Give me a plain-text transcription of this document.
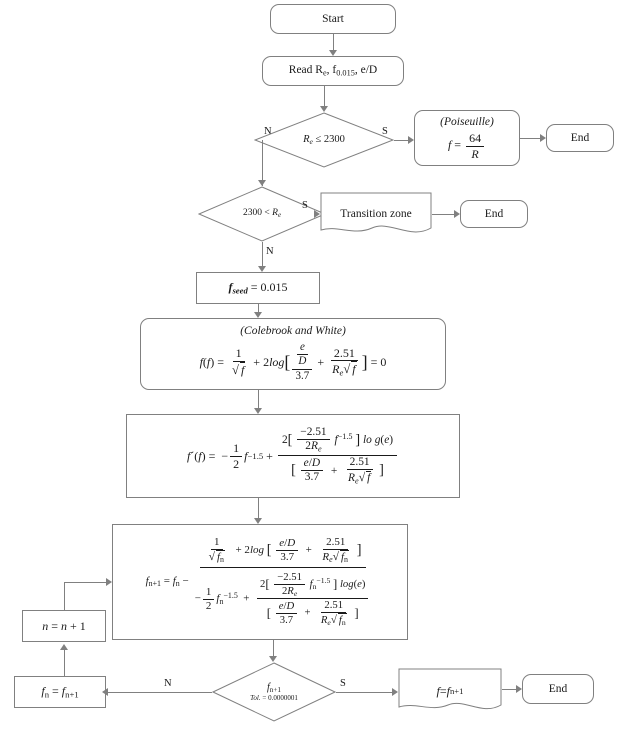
Start
Read $R_e$, $f_{0.015}$, e/D
$R_e \le 2300$
(Poiseuille)
$f = \frac{64}{R}$	End
$2300 < R_e$	Transition zone	End
$f_{seed} = 0.015$
(Colebrook and White)
f ( f ) = $\frac{1}{√ f} + 2$ log [ $\frac{\frac{e}{D}}{3.7} + \frac{2.51}{R_e√ f}$ ] = 0
f ´( f ) =  − $\frac{1}{2}$ f −1.5 +
$2[ \frac{-2.51}{2R_e} f^{-1.5}$ ] lo g(e)
[ $\frac{e/D}{3.7} + \frac{2.51}{R_e√ f}$ ]
$f_{n+1} = f_n$ −
$\frac{1}{√ f_n} + 2\log$ [ $\frac{e/D}{3.7} + \frac{2.51}{R_e√ f_n}$ ]
− $\frac{1}{2} f_n^{-1.5}$  +
$2[ \frac{-2.51}{2R_e} f_n^{-1.5}$ ] log(e)
[ $\frac{e/D}{3.7} + \frac{2.51}{R_e√ f_n}$ ]
n = n + 1
$f_n = f_{n+1}$
$f_{n+1}$
Tol. = 0.0000001
f = f n+1	End
S
N
S
N
S
N
